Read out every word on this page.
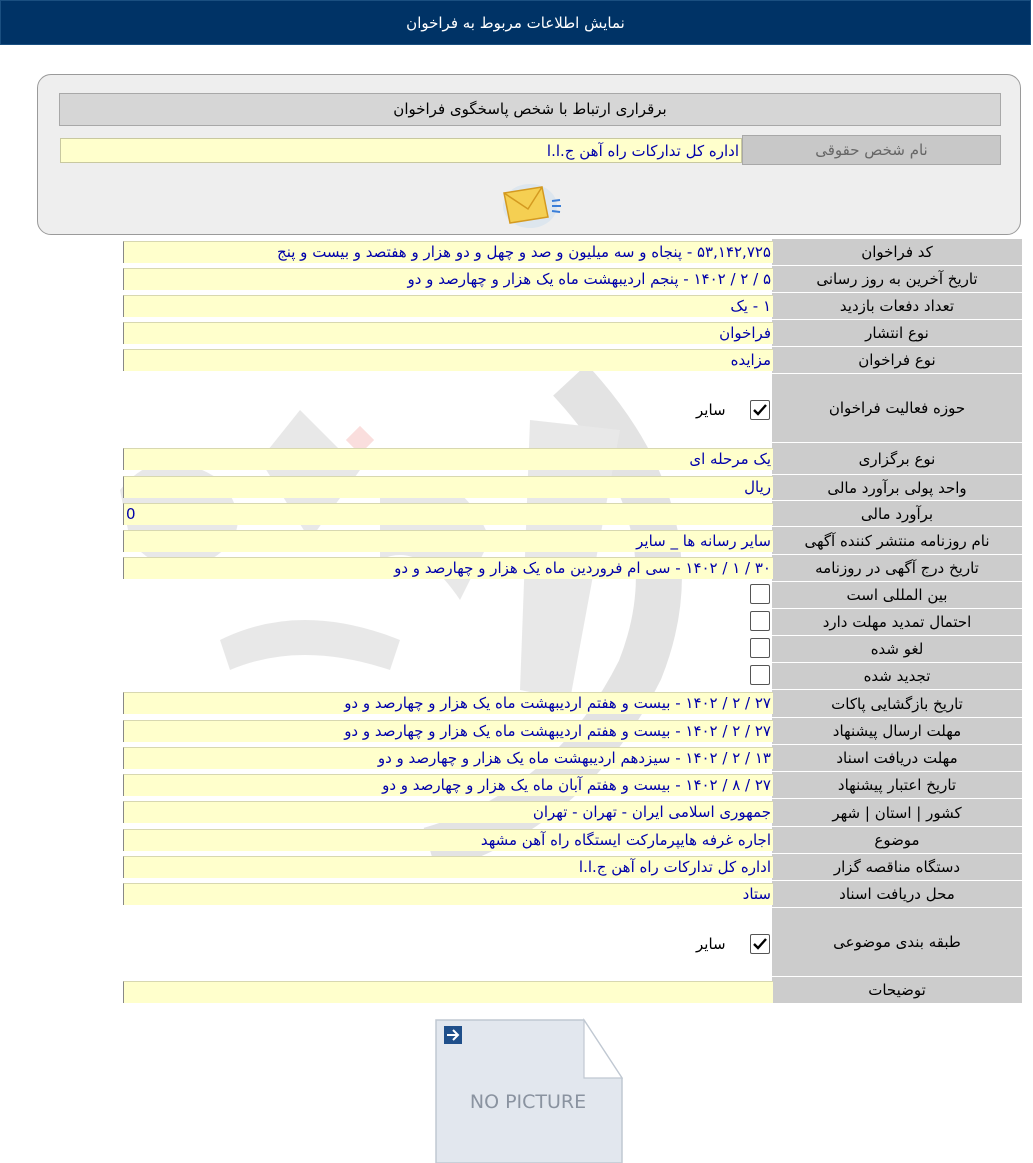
نمایش اطلاعات مربوط به فراخوان
برقراری ارتباط با شخص پاسخگوی فراخوان
نام شخص حقوقی
اداره کل تدارکات راه آهن ج.ا.ا
کد فراخوان
۵۳,۱۴۲,۷۲۵ - پنجاه و سه میلیون و صد و چهل و دو هزار و هفتصد و بیست و پنج
تاریخ آخرین به روز رسانی
۵ / ۲ / ۱۴۰۲ - پنجم اردیبهشت ماه یک هزار و چهارصد و دو
تعداد دفعات بازدید
۱ - یک
نوع انتشار
فراخوان
نوع فراخوان
مزایده
حوزه فعالیت فراخوان
سایر
نوع برگزاری
یک مرحله ای
واحد پولی برآورد مالی
ریال
برآورد مالی
0
نام روزنامه منتشر کننده آگهی
سایر رسانه ها _ سایر
تاریخ درج آگهی در روزنامه
۳۰ / ۱ / ۱۴۰۲ - سی ام فروردین ماه یک هزار و چهارصد و دو
بین المللی است
احتمال تمدید مهلت دارد
لغو شده
تجدید شده
تاریخ بازگشایی پاکات
۲۷ / ۲ / ۱۴۰۲ - بیست و هفتم اردیبهشت ماه یک هزار و چهارصد و دو
مهلت ارسال پیشنهاد
۲۷ / ۲ / ۱۴۰۲ - بیست و هفتم اردیبهشت ماه یک هزار و چهارصد و دو
مهلت دریافت اسناد
۱۳ / ۲ / ۱۴۰۲ - سیزدهم اردیبهشت ماه یک هزار و چهارصد و دو
تاریخ اعتبار پیشنهاد
۲۷ / ۸ / ۱۴۰۲ - بیست و هفتم آبان ماه یک هزار و چهارصد و دو
کشور | استان | شهر
جمهوری اسلامی ایران - تهران - تهران
موضوع
اجاره غرفه هایپرمارکت ایستگاه راه آهن مشهد
دستگاه مناقصه گزار
اداره کل تدارکات راه آهن ج.ا.ا
محل دریافت اسناد
ستاد
طبقه بندی موضوعی
سایر
توضیحات
NO PICTURE
